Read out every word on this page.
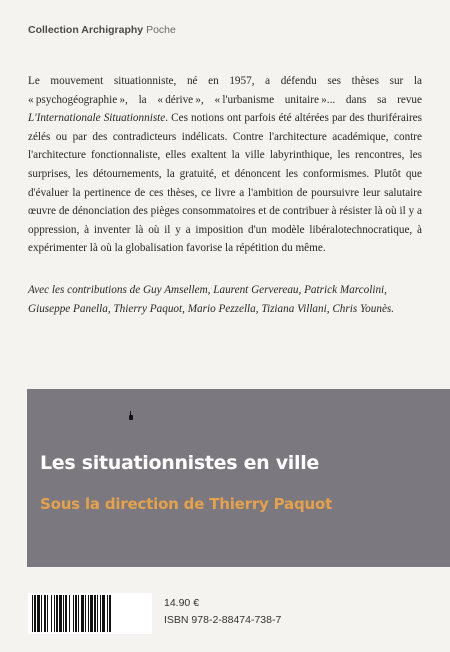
Collection Archigraphy Poche
Le mouvement situationniste, né en 1957, a défendu ses thèses sur la « psychogéographie », la « dérive », « l'urbanisme unitaire »... dans sa revue L'Internationale Situationniste. Ces notions ont parfois été altérées par des thuriféraires zélés ou par des contradicteurs indélicats. Contre l'architecture académique, contre l'architecture fonctionnaliste, elles exaltent la ville labyrinthique, les rencontres, les surprises, les détournements, la gratuité, et dénoncent les conformismes. Plutôt que d'évaluer la pertinence de ces thèses, ce livre a l'ambition de poursuivre leur salutaire œuvre de dénonciation des pièges consommatoires et de contribuer à résister là où il y a oppression, à inventer là où il y a imposition d'un modèle libéralotechnocratique, à expérimenter là où la globalisation favorise la répétition du même.
Avec les contributions de Guy Amsellem, Laurent Gervereau, Patrick Marcolini, Giuseppe Panella, Thierry Paquot, Mario Pezzella, Tiziana Villani, Chris Younès.
Les situationnistes en ville
Sous la direction de Thierry Paquot
14.90 €
ISBN 978-2-88474-738-7
